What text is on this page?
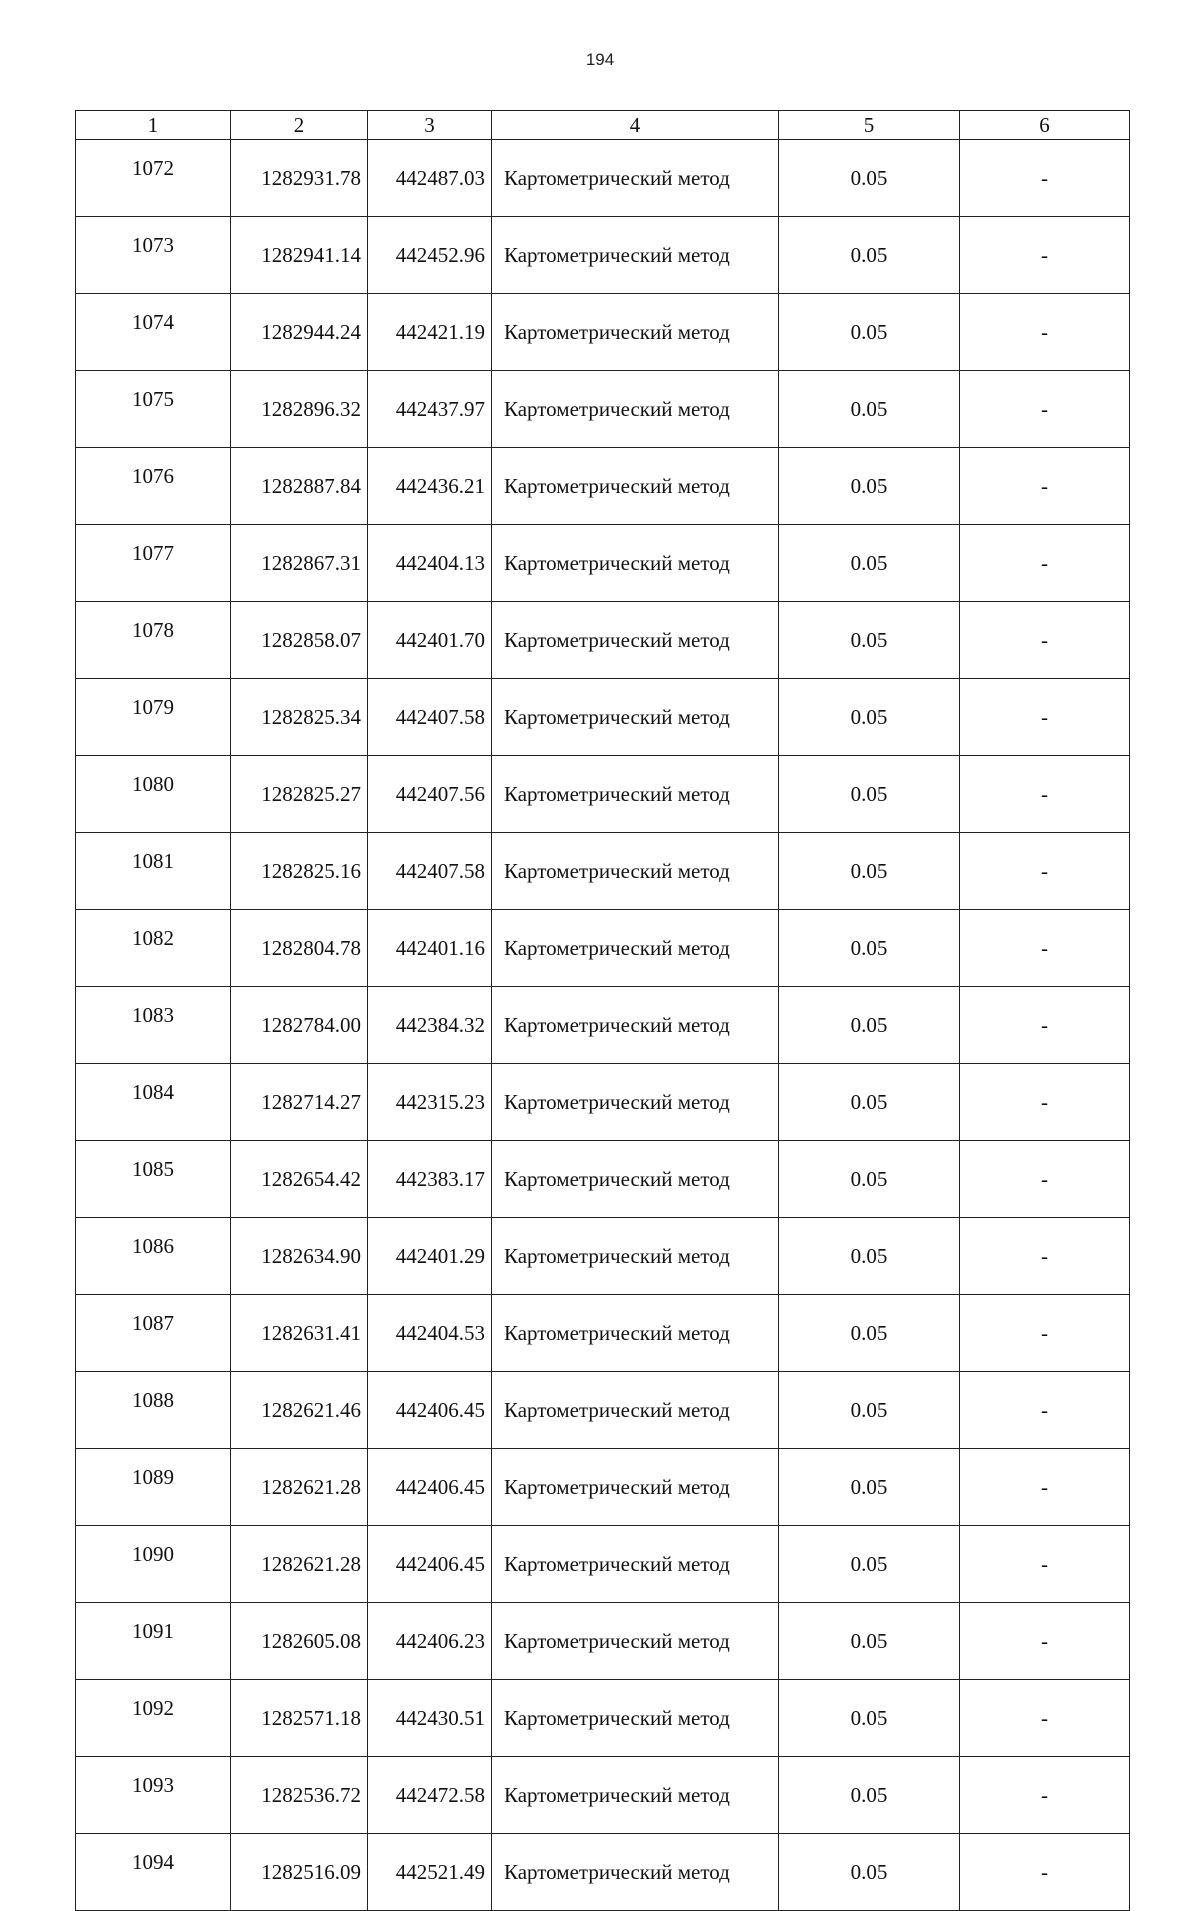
194
1	2	3	4	5	6
1072	1282931.78	442487.03	Картометрический метод	0.05	-
1073	1282941.14	442452.96	Картометрический метод	0.05	-
1074	1282944.24	442421.19	Картометрический метод	0.05	-
1075	1282896.32	442437.97	Картометрический метод	0.05	-
1076	1282887.84	442436.21	Картометрический метод	0.05	-
1077	1282867.31	442404.13	Картометрический метод	0.05	-
1078	1282858.07	442401.70	Картометрический метод	0.05	-
1079	1282825.34	442407.58	Картометрический метод	0.05	-
1080	1282825.27	442407.56	Картометрический метод	0.05	-
1081	1282825.16	442407.58	Картометрический метод	0.05	-
1082	1282804.78	442401.16	Картометрический метод	0.05	-
1083	1282784.00	442384.32	Картометрический метод	0.05	-
1084	1282714.27	442315.23	Картометрический метод	0.05	-
1085	1282654.42	442383.17	Картометрический метод	0.05	-
1086	1282634.90	442401.29	Картометрический метод	0.05	-
1087	1282631.41	442404.53	Картометрический метод	0.05	-
1088	1282621.46	442406.45	Картометрический метод	0.05	-
1089	1282621.28	442406.45	Картометрический метод	0.05	-
1090	1282621.28	442406.45	Картометрический метод	0.05	-
1091	1282605.08	442406.23	Картометрический метод	0.05	-
1092	1282571.18	442430.51	Картометрический метод	0.05	-
1093	1282536.72	442472.58	Картометрический метод	0.05	-
1094	1282516.09	442521.49	Картометрический метод	0.05	-
